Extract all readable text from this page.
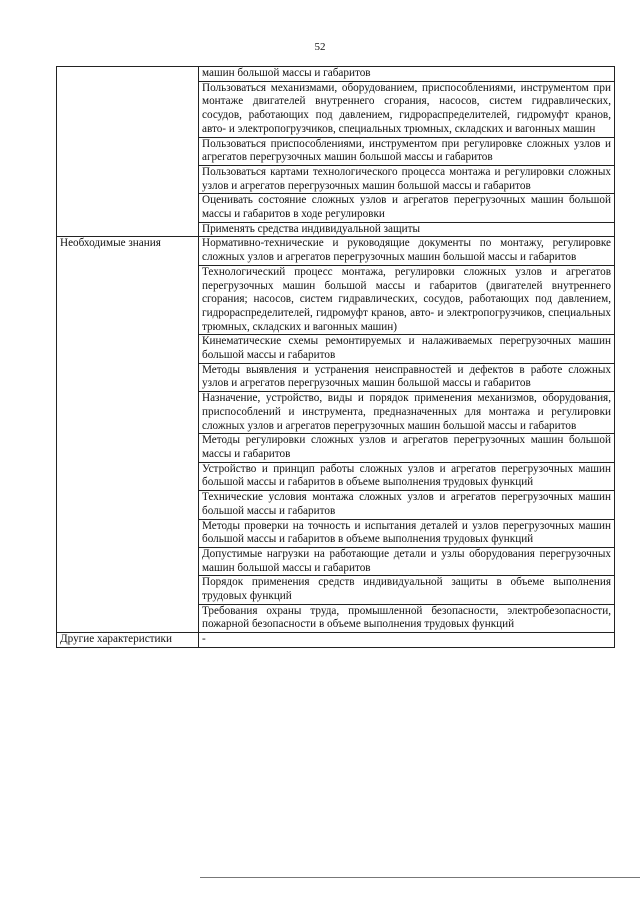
52
	машин большой массы и габаритов
	Пользоваться механизмами, оборудованием, приспособлениями, инструментом при монтаже двигателей внутреннего сгорания, насосов, систем гидравлических, сосудов, работающих под давлением, гидрораспределителей, гидромуфт кранов, авто- и электропогрузчиков, специальных трюмных, складских и вагонных машин
	Пользоваться приспособлениями, инструментом при регулировке сложных узлов и агрегатов перегрузочных машин большой массы и габаритов
	Пользоваться картами технологического процесса монтажа и регулировки сложных узлов и агрегатов перегрузочных машин большой массы и габаритов
	Оценивать состояние сложных узлов и агрегатов перегрузочных машин большой массы и габаритов в ходе регулировки
	Применять средства индивидуальной защиты
Необходимые знания	Нормативно-технические и руководящие документы по монтажу, регулировке сложных узлов и агрегатов перегрузочных машин большой массы и габаритов
	Технологический процесс монтажа, регулировки сложных узлов и агрегатов перегрузочных машин большой массы и габаритов (двигателей внутреннего сгорания; насосов, систем гидравлических, сосудов, работающих под давлением, гидрораспределителей, гидромуфт кранов, авто- и электропогрузчиков, специальных трюмных, складских и вагонных машин)
	Кинематические схемы ремонтируемых и налаживаемых перегрузочных машин большой массы и габаритов
	Методы выявления и устранения неисправностей и дефектов в работе сложных узлов и агрегатов перегрузочных машин большой массы и габаритов
	Назначение, устройство, виды и порядок применения механизмов, оборудования, приспособлений и инструмента, предназначенных для монтажа и регулировки сложных узлов и агрегатов перегрузочных машин большой массы и габаритов
	Методы регулировки сложных узлов и агрегатов перегрузочных машин большой массы и габаритов
	Устройство и принцип работы сложных узлов и агрегатов перегрузочных машин большой массы и габаритов в объеме выполнения трудовых функций
	Технические условия монтажа сложных узлов и агрегатов перегрузочных машин большой массы и габаритов
	Методы проверки на точность и испытания деталей и узлов перегрузочных машин большой массы и габаритов в объеме выполнения трудовых функций
	Допустимые нагрузки на работающие детали и узлы оборудования перегрузочных машин большой массы и габаритов
	Порядок применения средств индивидуальной защиты в объеме выполнения трудовых функций
	Требования охраны труда, промышленной безопасности, электробезопасности, пожарной безопасности в объеме выполнения трудовых функций
Другие характеристики	-
